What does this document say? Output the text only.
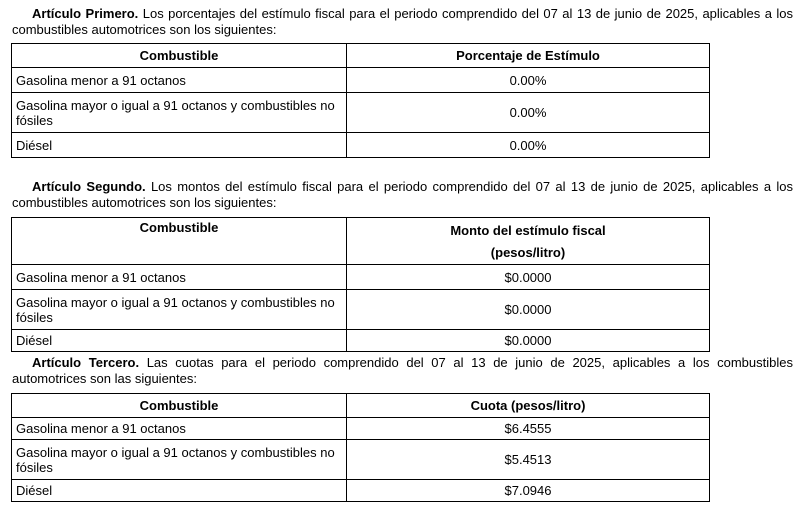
Artículo Primero. Los porcentajes del estímulo fiscal para el periodo comprendido del 07 al 13 de junio de 2025, aplicables a los combustibles automotrices son los siguientes:
Combustible	Porcentaje de Estímulo
Gasolina menor a 91 octanos	0.00%
Gasolina mayor o igual a 91 octanos y combustibles no fósiles	0.00%
Diésel	0.00%
Artículo Segundo. Los montos del estímulo fiscal para el periodo comprendido del 07 al 13 de junio de 2025, aplicables a los combustibles automotrices son los siguientes:
Combustible	Monto del estímulo fiscal
(pesos/litro)

Gasolina menor a 91 octanos	$0.0000
Gasolina mayor o igual a 91 octanos y combustibles no fósiles	$0.0000
Diésel	$0.0000
Artículo Tercero. Las cuotas para el periodo comprendido del 07 al 13 de junio de 2025, aplicables a los combustibles automotrices son las siguientes:
Combustible	Cuota (pesos/litro)
Gasolina menor a 91 octanos	$6.4555
Gasolina mayor o igual a 91 octanos y combustibles no fósiles	$5.4513
Diésel	$7.0946
